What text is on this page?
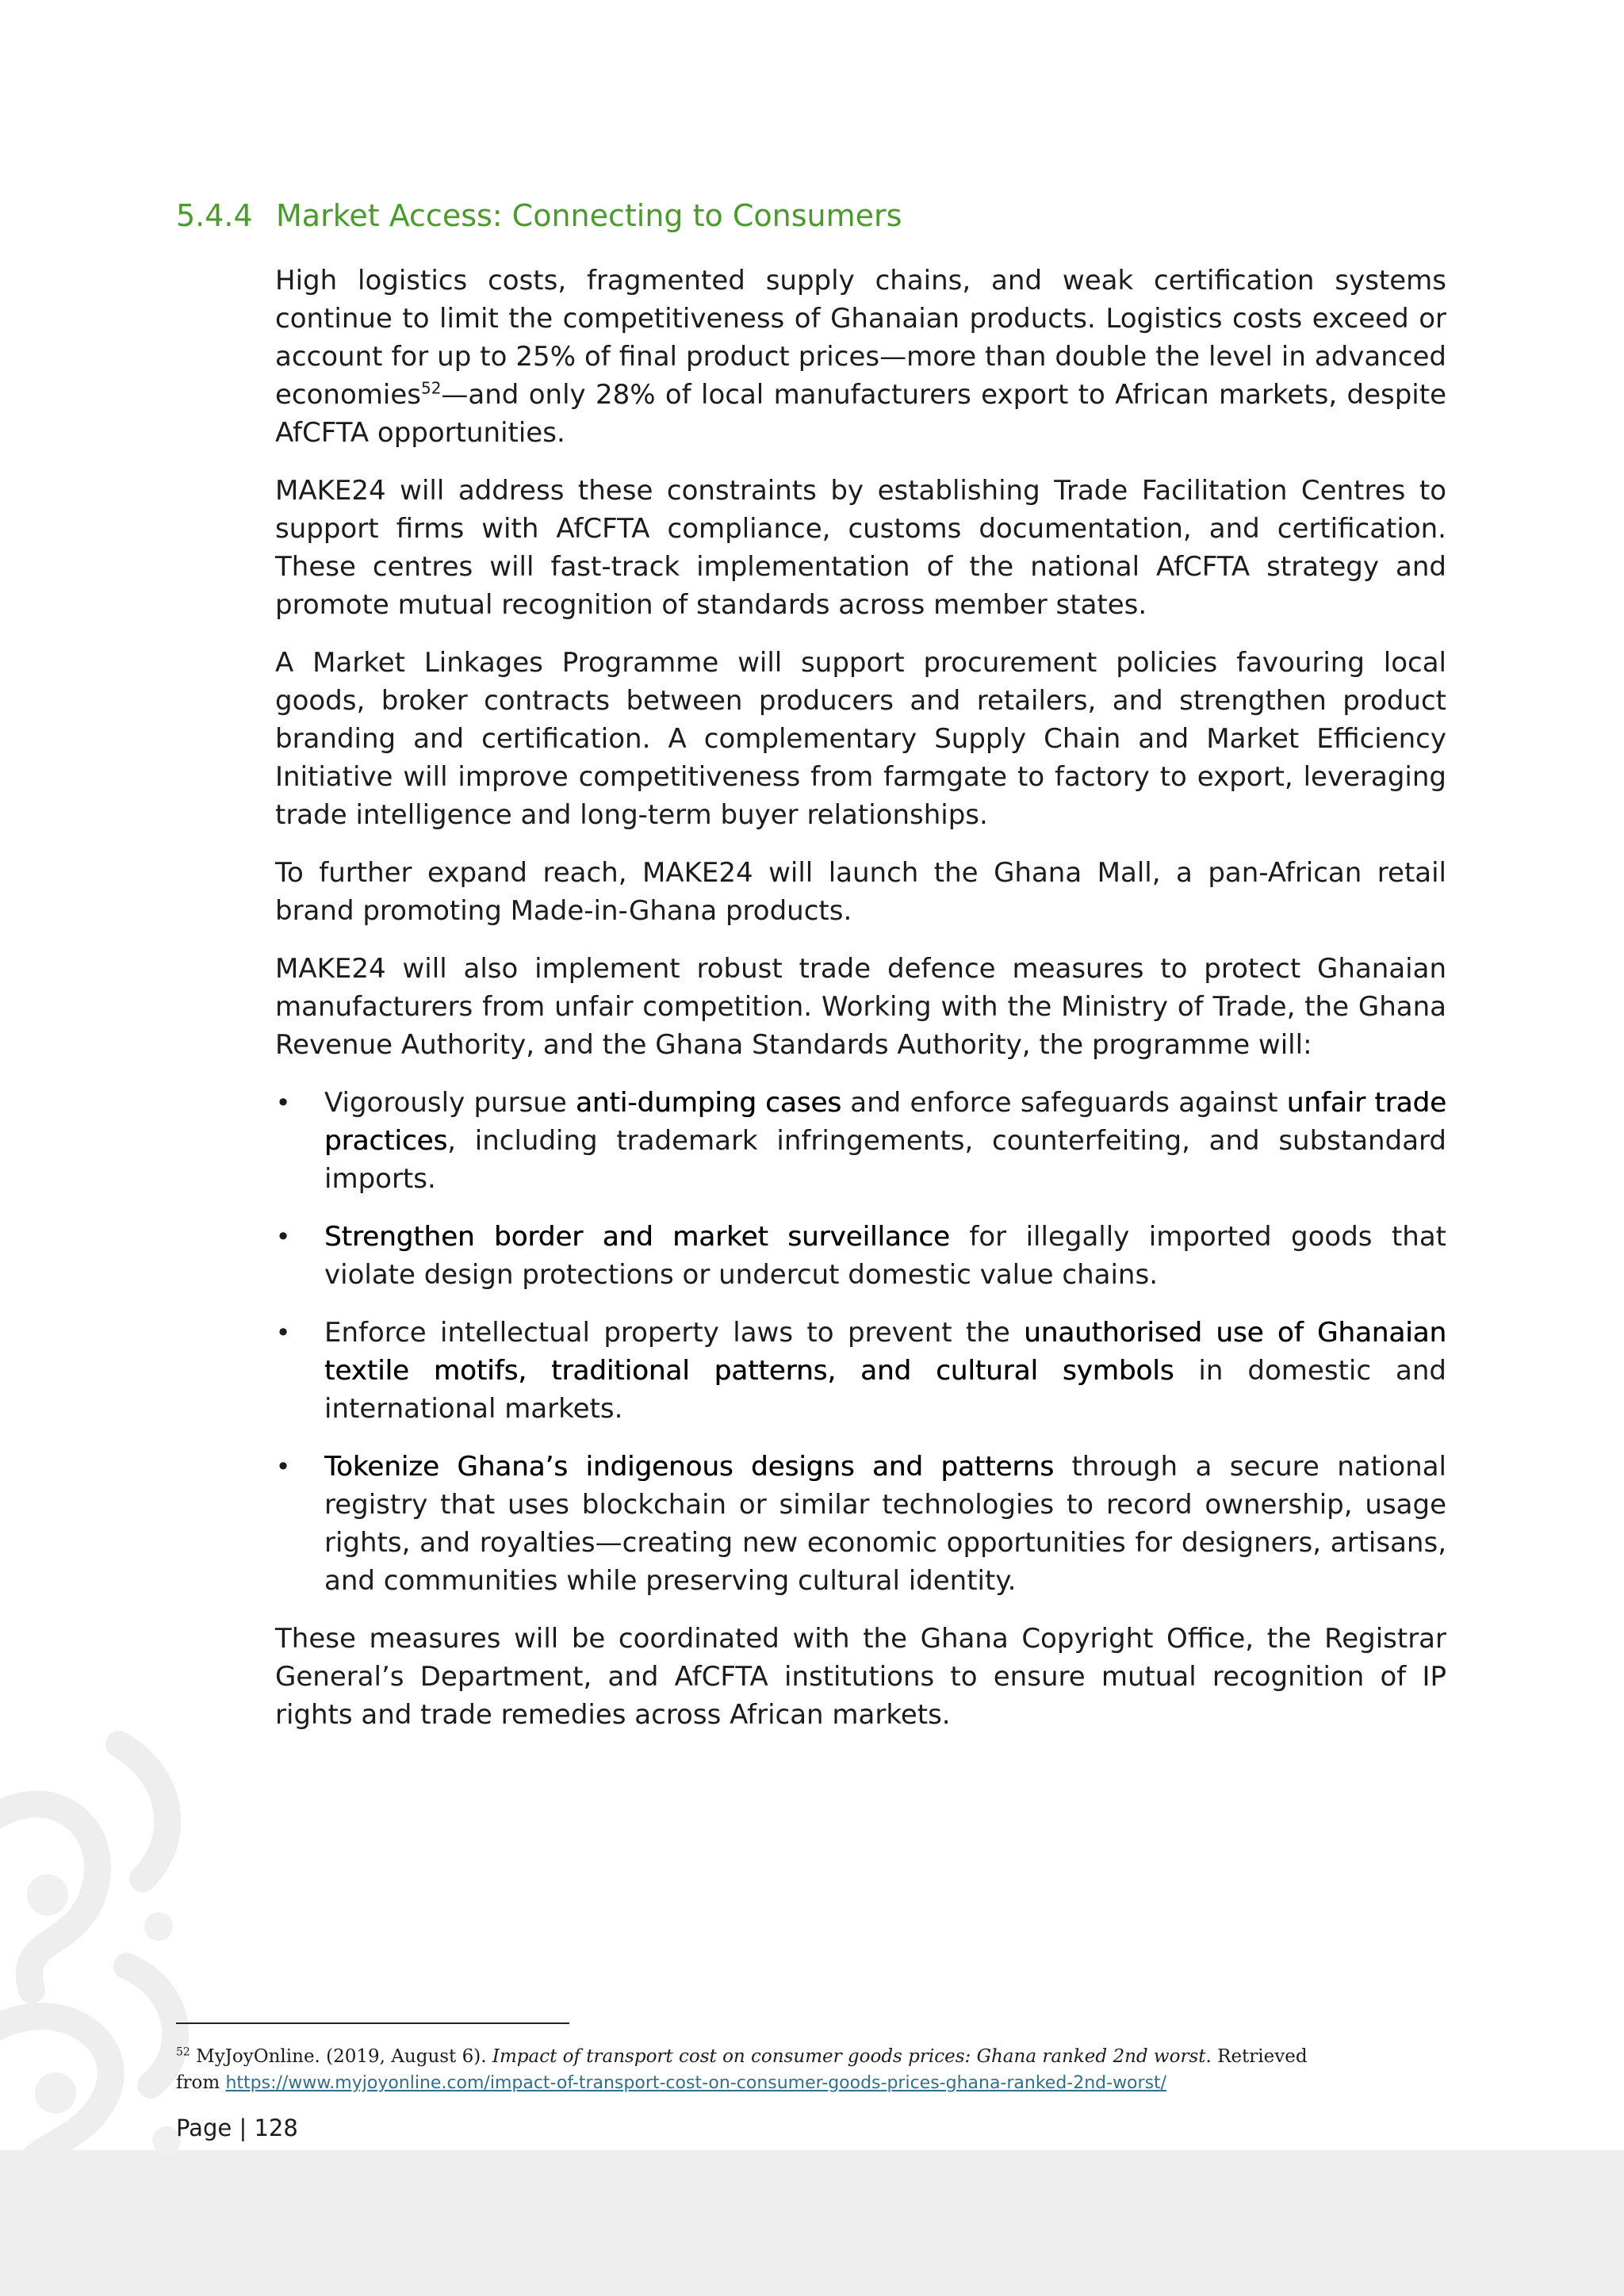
5.4.4 Market Access: Connecting to Consumers

High logistics costs, fragmented supply chains, and weak certification systems continue to limit the competitiveness of Ghanaian products. Logistics costs exceed or account for up to 25% of final product prices—more than double the level in advanced economies$^{52}$—and only 28% of local manufacturers export to African markets, despite AfCFTA opportunities.

MAKE24 will address these constraints by establishing Trade Facilitation Centres to support firms with AfCFTA compliance, customs documentation, and certification. These centres will fast-track implementation of the national AfCFTA strategy and promote mutual recognition of standards across member states.

A Market Linkages Programme will support procurement policies favouring local goods, broker contracts between producers and retailers, and strengthen product branding and certification. A complementary Supply Chain and Market Efficiency Initiative will improve competitiveness from farmgate to factory to export, leveraging trade intelligence and long-term buyer relationships.

To further expand reach, MAKE24 will launch the Ghana Mall, a pan-African retail brand promoting Made-in-Ghana products.

MAKE24 will also implement robust trade defence measures to protect Ghanaian manufacturers from unfair competition. Working with the Ministry of Trade, the Ghana Revenue Authority, and the Ghana Standards Authority, the programme will:

• Vigorously pursue anti-dumping cases and enforce safeguards against unfair trade practices, including trademark infringements, counterfeiting, and substandard imports.
• Strengthen border and market surveillance for illegally imported goods that violate design protections or undercut domestic value chains.
• Enforce intellectual property laws to prevent the unauthorised use of Ghanaian textile motifs, traditional patterns, and cultural symbols in domestic and international markets.
• Tokenize Ghana’s indigenous designs and patterns through a secure national registry that uses blockchain or similar technologies to record ownership, usage rights, and royalties—creating new economic opportunities for designers, artisans, and communities while preserving cultural identity.

These measures will be coordinated with the Ghana Copyright Office, the Registrar General’s Department, and AfCFTA institutions to ensure mutual recognition of IP rights and trade remedies across African markets.

$^{52}$ MyJoyOnline. (2019, August 6). Impact of transport cost on consumer goods prices: Ghana ranked 2nd worst. Retrieved from https://www.myjoyonline.com/impact-of-transport-cost-on-consumer-goods-prices-ghana-ranked-2nd-worst/
Page | 128
